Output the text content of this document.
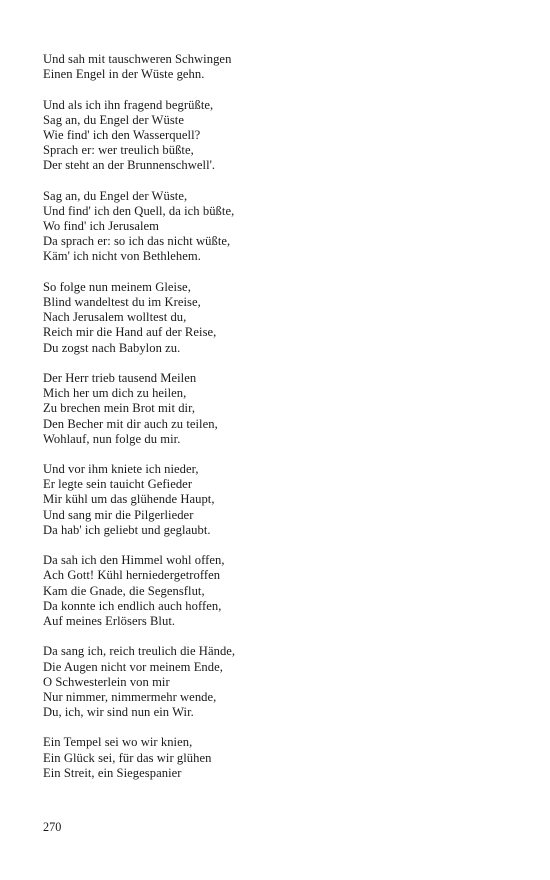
Und sah mit tauschweren Schwingen
Einen Engel in der Wüste gehn.
Und als ich ihn fragend begrüßte,
Sag an, du Engel der Wüste
Wie find' ich den Wasserquell?
Sprach er: wer treulich büßte,
Der steht an der Brunnenschwell'.
Sag an, du Engel der Wüste,
Und find' ich den Quell, da ich büßte,
Wo find' ich Jerusalem
Da sprach er: so ich das nicht wüßte,
Käm' ich nicht von Bethlehem.
So folge nun meinem Gleise,
Blind wandeltest du im Kreise,
Nach Jerusalem wolltest du,
Reich mir die Hand auf der Reise,
Du zogst nach Babylon zu.
Der Herr trieb tausend Meilen
Mich her um dich zu heilen,
Zu brechen mein Brot mit dir,
Den Becher mit dir auch zu teilen,
Wohlauf, nun folge du mir.
Und vor ihm kniete ich nieder,
Er legte sein tauicht Gefieder
Mir kühl um das glühende Haupt,
Und sang mir die Pilgerlieder
Da hab' ich geliebt und geglaubt.
Da sah ich den Himmel wohl offen,
Ach Gott! Kühl herniedergetroffen
Kam die Gnade, die Segensflut,
Da konnte ich endlich auch hoffen,
Auf meines Erlösers Blut.
Da sang ich, reich treulich die Hände,
Die Augen nicht vor meinem Ende,
O Schwesterlein von mir
Nur nimmer, nimmermehr wende,
Du, ich, wir sind nun ein Wir.
Ein Tempel sei wo wir knien,
Ein Glück sei, für das wir glühen
Ein Streit, ein Siegespanier
270
